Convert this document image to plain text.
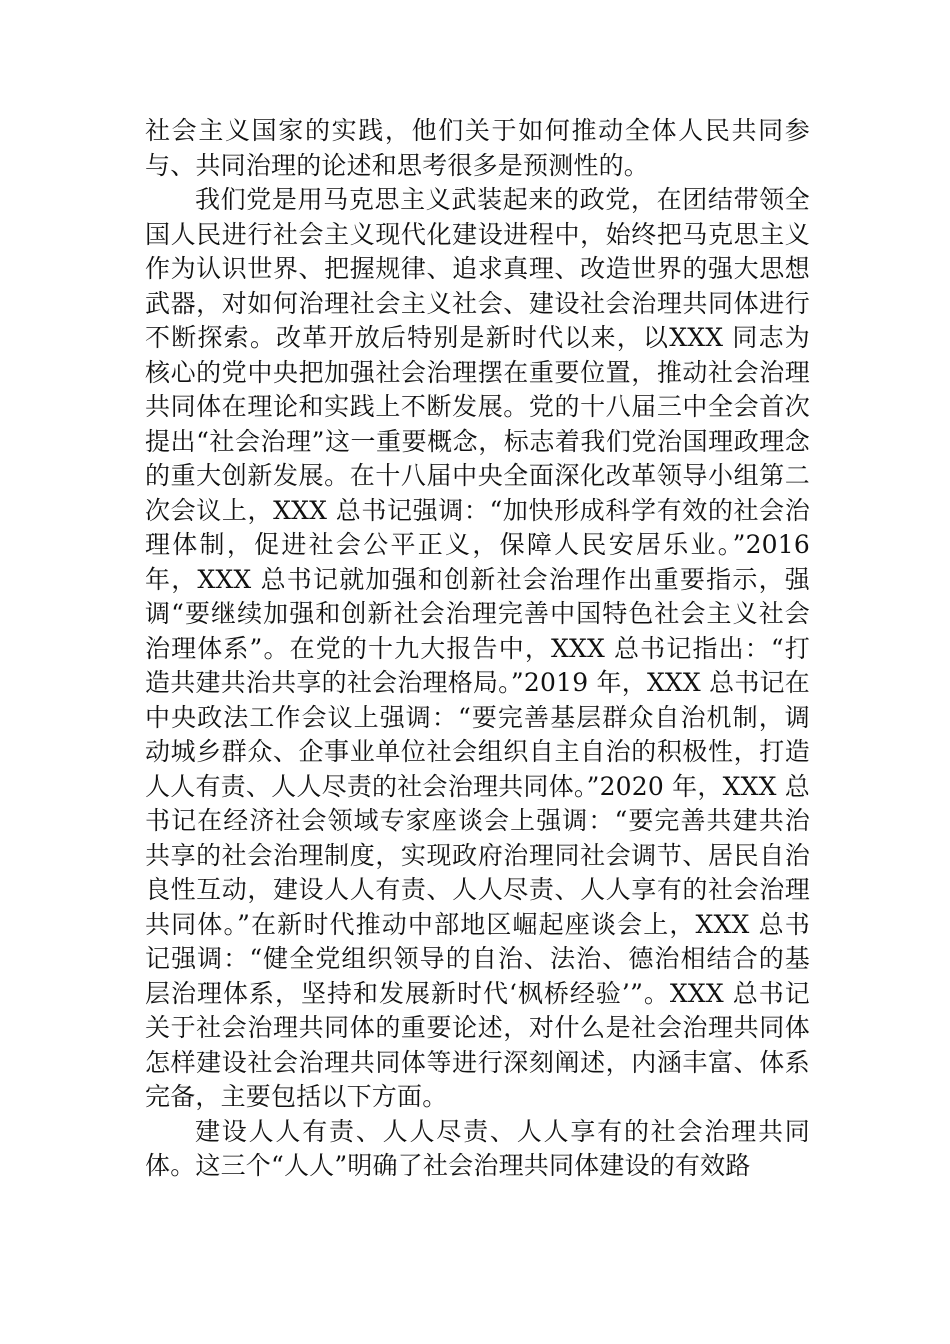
社会主义国家的实践，他们关于如何推动全体人民共同参与、共同治理的论述和思考很多是预测性的。

我们党是用马克思主义武装起来的政党，在团结带领全国人民进行社会主义现代化建设进程中，始终把马克思主义作为认识世界、把握规律、追求真理、改造世界的强大思想武器，对如何治理社会主义社会、建设社会治理共同体进行不断探索。改革开放后特别是新时代以来，以XXX 同志为核心的党中央把加强社会治理摆在重要位置，推动社会治理共同体在理论和实践上不断发展。党的十八届三中全会首次提出“社会治理”这一重要概念，标志着我们党治国理政理念的重大创新发展。在十八届中央全面深化改革领导小组第二次会议上，XXX 总书记强调：“加快形成科学有效的社会治理体制，促进社会公平正义，保障人民安居乐业。”2016 年，XXX 总书记就加强和创新社会治理作出重要指示，强调“要继续加强和创新社会治理完善中国特色社会主义社会治理体系”。在党的十九大报告中，XXX 总书记指出：“打造共建共治共享的社会治理格局。”2019 年，XXX 总书记在中央政法工作会议上强调：“要完善基层群众自治机制，调动城乡群众、企事业单位社会组织自主自治的积极性，打造人人有责、人人尽责的社会治理共同体。”2020 年，XXX 总书记在经济社会领域专家座谈会上强调：“要完善共建共治共享的社会治理制度，实现政府治理同社会调节、居民自治良性互动，建设人人有责、人人尽责、人人享有的社会治理共同体。”在新时代推动中部地区崛起座谈会上，XXX 总书记强调：“健全党组织领导的自治、法治、德治相结合的基层治理体系，坚持和发展新时代‘枫桥经验’”。XXX 总书记关于社会治理共同体的重要论述，对什么是社会治理共同体怎样建设社会治理共同体等进行深刻阐述，内涵丰富、体系完备，主要包括以下方面。

建设人人有责、人人尽责、人人享有的社会治理共同体。这三个“人人”明确了社会治理共同体建设的有效路
